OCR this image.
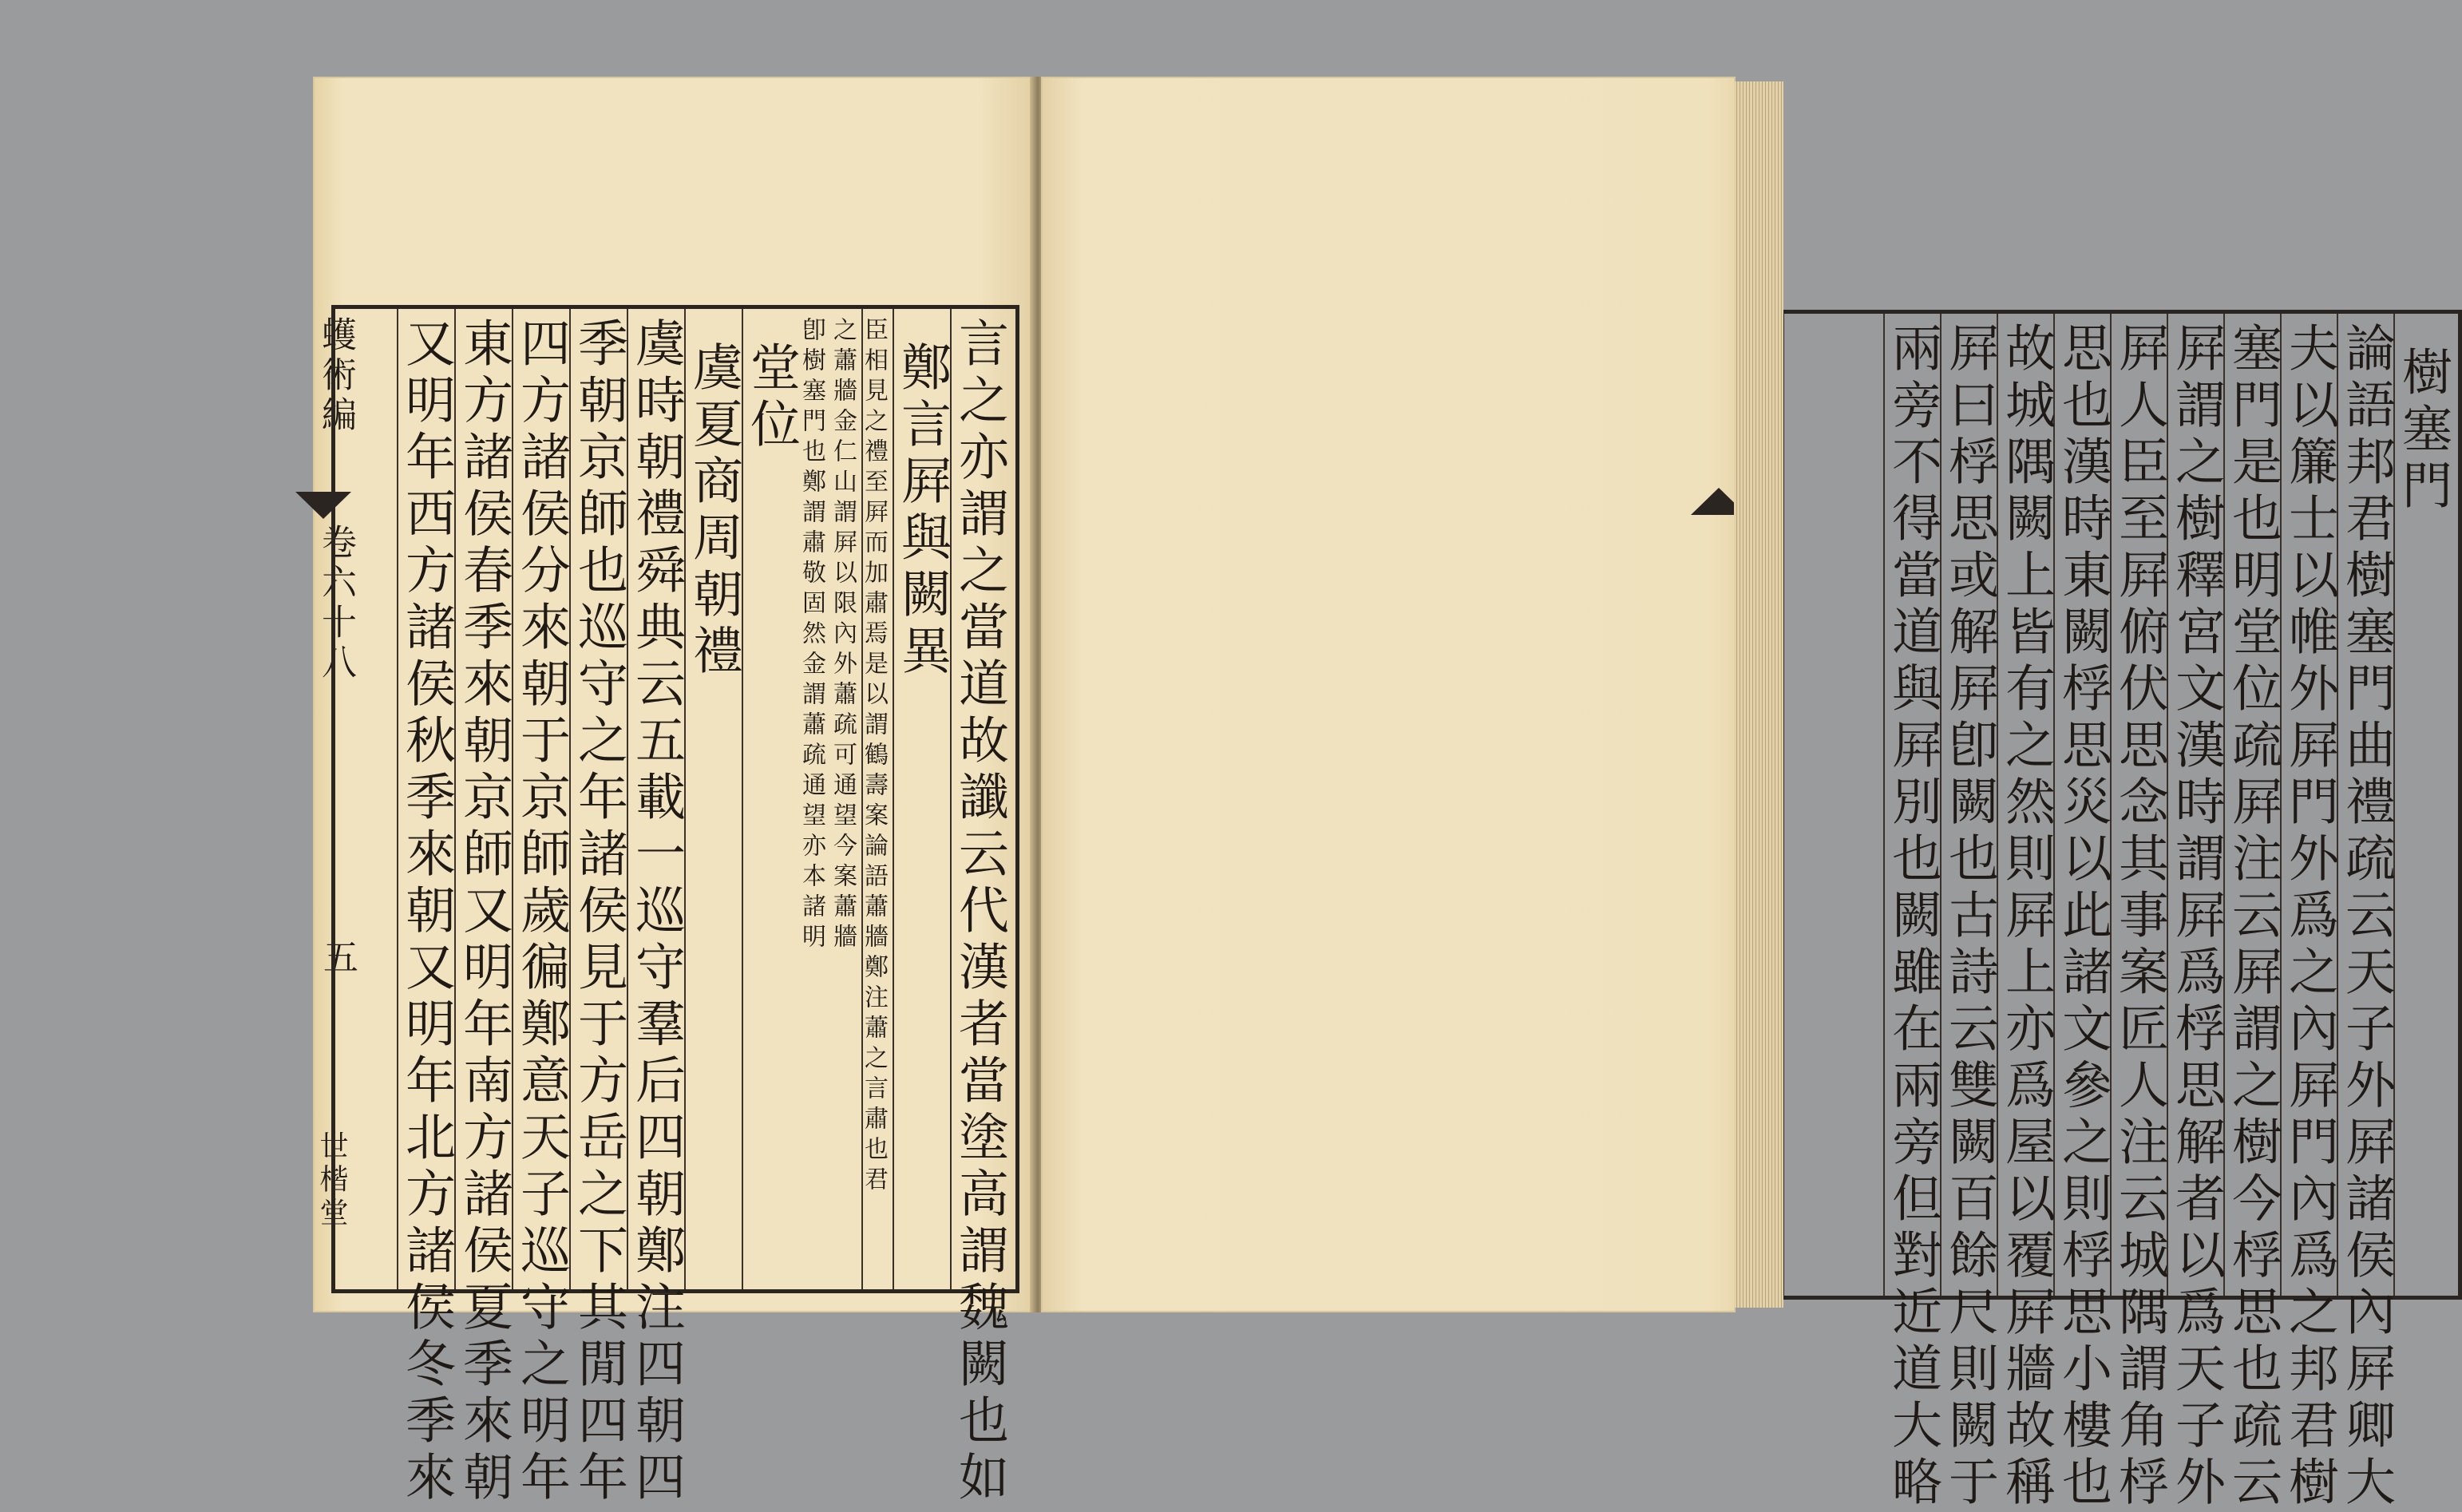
蠖術編
卷六十八
五
世楷堂	言之亦謂之當道故讖云代漢者當塗高謂魏闕也如
鄭言屛與闕異
臣相見之禮至屛而加肅焉是以謂鶴壽案論語蕭牆鄭注蕭之言肅也君
之蕭牆金仁山謂屛以限內外蕭疏可通望今案蕭牆
卽樹塞門也鄭謂肅敬固然金謂蕭疏通望亦本諸明
堂位
虞夏商周朝禮
虞時朝禮舜典云五載一巡守羣后四朝鄭注四朝四
季朝京師也巡守之年諸侯見于方岳之下其閒四年
四方諸侯分來朝于京師歲徧鄭意天子巡守之明年
東方諸侯春季來朝京師又明年南方諸侯夏季來朝
又明年西方諸侯秋季來朝又明年北方諸侯冬季來	樹塞門
論語邦君樹塞門曲禮疏云天子外屛諸侯內屛卿大
夫以簾士以帷外屛門外爲之內屛門內爲之邦君樹
塞門是也明堂位疏屛注云屛謂之樹今桴思也疏云
屛謂之樹釋宮文漢時謂屛爲桴思解者以爲天子外
屛人臣至屛俯伏思念其事案匠人注云城隅謂角桴
思也漢時東闕桴思災以此諸文參之則桴思小樓也
故城隅闕上皆有之然則屛上亦爲屋以覆屛牆故稱
屛曰桴思或解屛卽闕也古詩云雙闕百餘尺則闕于
兩旁不得當道與屛別也闕雖在兩旁但對近道大略
